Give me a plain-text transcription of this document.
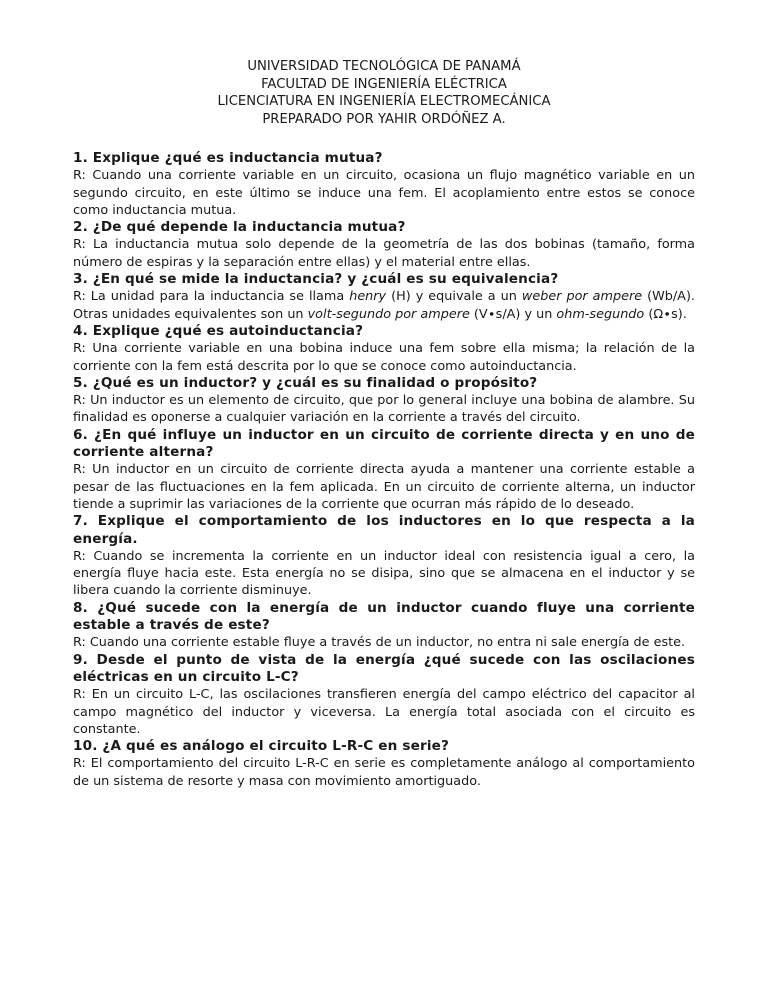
UNIVERSIDAD TECNOLÓGICA DE PANAMÁ
FACULTAD DE INGENIERÍA ELÉCTRICA
LICENCIATURA EN INGENIERÍA ELECTROMECÁNICA
PREPARADO POR YAHIR ORDÓÑEZ A.
1. Explique ¿qué es inductancia mutua?
R: Cuando una corriente variable en un circuito, ocasiona un flujo magnético variable en un segundo circuito, en este último se induce una fem. El acoplamiento entre estos se conoce como inductancia mutua.
2. ¿De qué depende la inductancia mutua?
R: La inductancia mutua solo depende de la geometría de las dos bobinas (tamaño, forma número de espiras y la separación entre ellas) y el material entre ellas.
3. ¿En qué se mide la inductancia? y ¿cuál es su equivalencia?
R: La unidad para la inductancia se llama henry (H) y equivale a un weber por ampere (Wb/A). Otras unidades equivalentes son un volt-segundo por ampere (V∙s/A) y un ohm-segundo (Ω∙s).
4. Explique ¿qué es autoinductancia?
R: Una corriente variable en una bobina induce una fem sobre ella misma; la relación de la corriente con la fem está descrita por lo que se conoce como autoinductancia.
5. ¿Qué es un inductor? y ¿cuál es su finalidad o propósito?
R: Un inductor es un elemento de circuito, que por lo general incluye una bobina de alambre. Su finalidad es oponerse a cualquier variación en la corriente a través del circuito.
6. ¿En qué influye un inductor en un circuito de corriente directa y en uno de corriente alterna?
R: Un inductor en un circuito de corriente directa ayuda a mantener una corriente estable a pesar de las fluctuaciones en la fem aplicada. En un circuito de corriente alterna, un inductor tiende a suprimir las variaciones de la corriente que ocurran más rápido de lo deseado.
7. Explique el comportamiento de los inductores en lo que respecta a la energía.
R: Cuando se incrementa la corriente en un inductor ideal con resistencia igual a cero, la energía fluye hacia este. Esta energía no se disipa, sino que se almacena en el inductor y se libera cuando la corriente disminuye.
8. ¿Qué sucede con la energía de un inductor cuando fluye una corriente estable a través de este?
R: Cuando una corriente estable fluye a través de un inductor, no entra ni sale energía de este.
9. Desde el punto de vista de la energía ¿qué sucede con las oscilaciones eléctricas en un circuito L-C?
R: En un circuito L-C, las oscilaciones transfieren energía del campo eléctrico del capacitor al campo magnético del inductor y viceversa. La energía total asociada con el circuito es constante.
10. ¿A qué es análogo el circuito L-R-C en serie?
R: El comportamiento del circuito L-R-C en serie es completamente análogo al comportamiento de un sistema de resorte y masa con movimiento amortiguado.
